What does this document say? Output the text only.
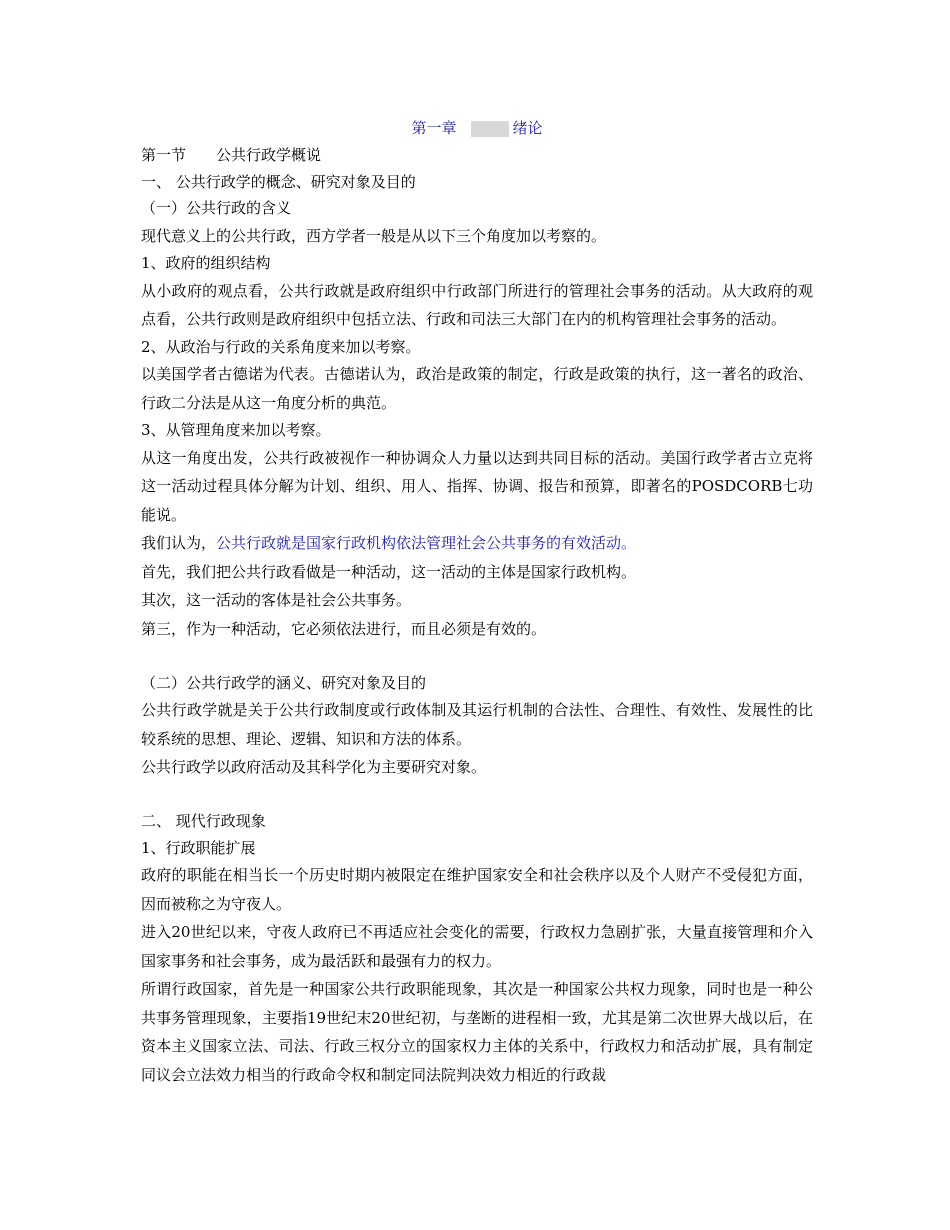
第一章	绪论
第一节　　公共行政学概说
一、 公共行政学的概念、研究对象及目的
（一）公共行政的含义
现代意义上的公共行政，西方学者一般是从以下三个角度加以考察的。
1、政府的组织结构
从小政府的观点看，公共行政就是政府组织中行政部门所进行的管理社会事务的活动。从大政府的观点看，公共行政则是政府组织中包括立法、行政和司法三大部门在内的机构管理社会事务的活动。
2、从政治与行政的关系角度来加以考察。
以美国学者古德诺为代表。古德诺认为，政治是政策的制定，行政是政策的执行，这一著名的政治、行政二分法是从这一角度分析的典范。
3、从管理角度来加以考察。
从这一角度出发，公共行政被视作一种协调众人力量以达到共同目标的活动。美国行政学者古立克将这一活动过程具体分解为计划、组织、用人、指挥、协调、报告和预算，即著名的POSDCORB七功能说。
我们认为，公共行政就是国家行政机构依法管理社会公共事务的有效活动。
首先，我们把公共行政看做是一种活动，这一活动的主体是国家行政机构。
其次，这一活动的客体是社会公共事务。
第三，作为一种活动，它必须依法进行，而且必须是有效的。
（二）公共行政学的涵义、研究对象及目的
公共行政学就是关于公共行政制度或行政体制及其运行机制的合法性、合理性、有效性、发展性的比较系统的思想、理论、逻辑、知识和方法的体系。
公共行政学以政府活动及其科学化为主要研究对象。
二、 现代行政现象
1、行政职能扩展
政府的职能在相当长一个历史时期内被限定在维护国家安全和社会秩序以及个人财产不受侵犯方面，因而被称之为守夜人。
进入20世纪以来，守夜人政府已不再适应社会变化的需要，行政权力急剧扩张，大量直接管理和介入国家事务和社会事务，成为最活跃和最强有力的权力。
所谓行政国家，首先是一种国家公共行政职能现象，其次是一种国家公共权力现象，同时也是一种公共事务管理现象，主要指19世纪末20世纪初，与垄断的进程相一致，尤其是第二次世界大战以后，在资本主义国家立法、司法、行政三权分立的国家权力主体的关系中，行政权力和活动扩展，具有制定同议会立法效力相当的行政命令权和制定同法院判决效力相近的行政裁
